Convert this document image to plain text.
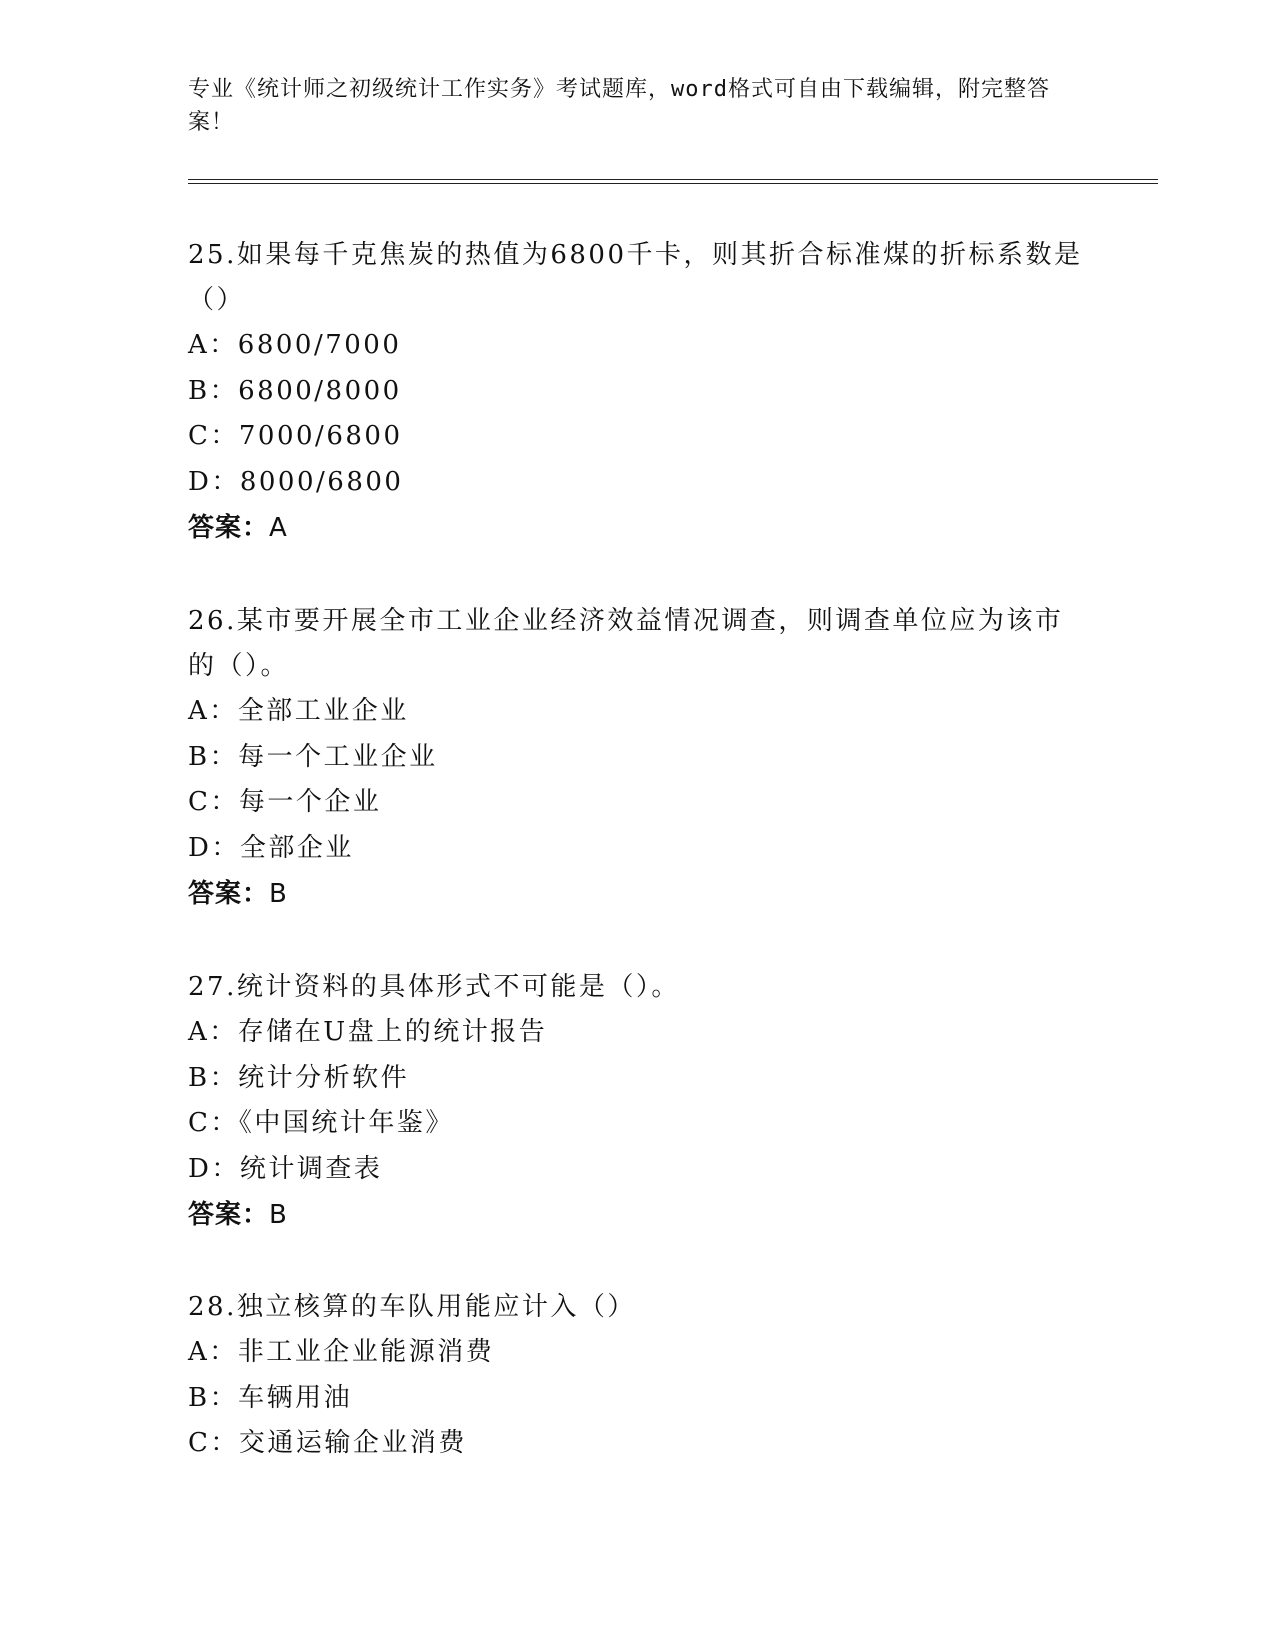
专业《统计师之初级统计工作实务》考试题库，word格式可自由下载编辑，附完整答案！

25.如果每千克焦炭的热值为6800千卡，则其折合标准煤的折标系数是（）

A：6800/7000
B：6800/8000
C：7000/6800
D：8000/6800
答案：A

26.某市要开展全市工业企业经济效益情况调查，则调查单位应为该市的（）。

A：全部工业企业
B：每一个工业企业
C：每一个企业
D：全部企业
答案：B

27.统计资料的具体形式不可能是（）。

A：存储在U盘上的统计报告
B：统计分析软件
C：《中国统计年鉴》
D：统计调查表
答案：B

28.独立核算的车队用能应计入（）

A：非工业企业能源消费
B：车辆用油
C：交通运输企业消费
